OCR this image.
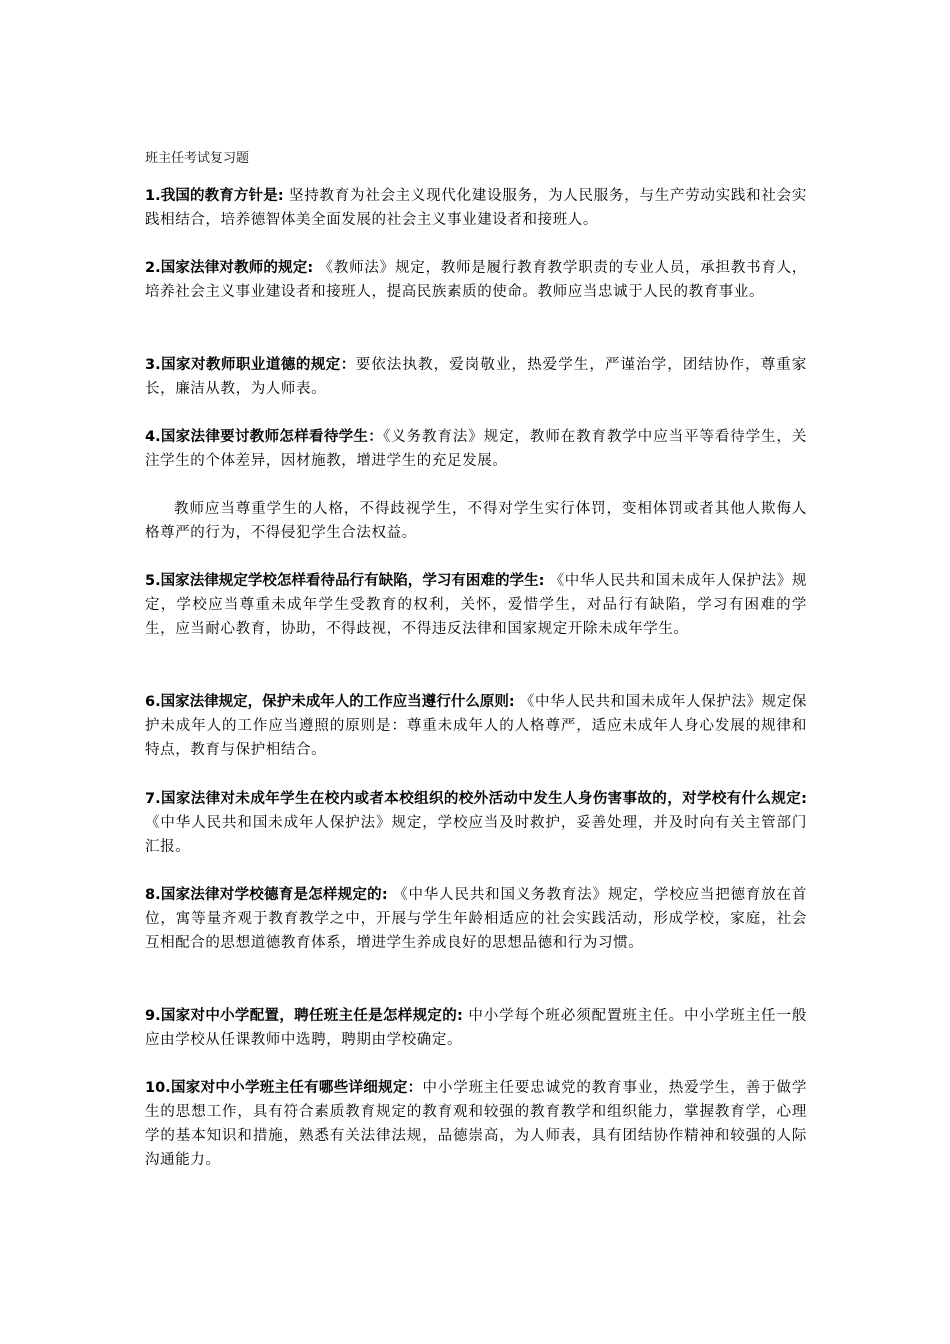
班主任考试复习题

1.我国的教育方针是: 坚持教育为社会主义现代化建设服务，为人民服务，与生产劳动实践和社会实践相结合，培养德智体美全面发展的社会主义事业建设者和接班人。

2.国家法律对教师的规定: 《教师法》规定，教师是履行教育教学职责的专业人员，承担教书育人，培养社会主义事业建设者和接班人，提高民族素质的使命。教师应当忠诚于人民的教育事业。

3.国家对教师职业道德的规定：要依法执教，爱岗敬业，热爱学生，严谨治学，团结协作，尊重家长，廉洁从教，为人师表。

4.国家法律要讨教师怎样看待学生：《义务教育法》规定，教师在教育教学中应当平等看待学生，关注学生的个体差异，因材施教，增进学生的充足发展。

教师应当尊重学生的人格，不得歧视学生，不得对学生实行体罚，变相体罚或者其他人欺侮人格尊严的行为，不得侵犯学生合法权益。

5.国家法律规定学校怎样看待品行有缺陷，学习有困难的学生: 《中华人民共和国未成年人保护法》规定，学校应当尊重未成年学生受教育的权利，关怀，爱惜学生，对品行有缺陷，学习有困难的学生，应当耐心教育，协助，不得歧视，不得违反法律和国家规定开除未成年学生。

6.国家法律规定，保护未成年人的工作应当遵行什么原则: 《中华人民共和国未成年人保护法》规定保护未成年人的工作应当遵照的原则是：尊重未成年人的人格尊严，适应未成年人身心发展的规律和特点，教育与保护相结合。

7.国家法律对未成年学生在校内或者本校组织的校外活动中发生人身伤害事故的，对学校有什么规定: 《中华人民共和国未成年人保护法》规定，学校应当及时救护，妥善处理，并及时向有关主管部门汇报。

8.国家法律对学校德育是怎样规定的: 《中华人民共和国义务教育法》规定，学校应当把德育放在首位，寓等量齐观于教育教学之中，开展与学生年龄相适应的社会实践活动，形成学校，家庭，社会互相配合的思想道德教育体系，增进学生养成良好的思想品德和行为习惯。

9.国家对中小学配置，聘任班主任是怎样规定的: 中小学每个班必须配置班主任。中小学班主任一般应由学校从任课教师中选聘，聘期由学校确定。

10.国家对中小学班主任有哪些详细规定：中小学班主任要忠诚党的教育事业，热爱学生，善于做学生的思想工作，具有符合素质教育规定的教育观和较强的教育教学和组织能力，掌握教育学，心理学的基本知识和措施，熟悉有关法律法规，品德崇高，为人师表，具有团结协作精神和较强的人际沟通能力。
